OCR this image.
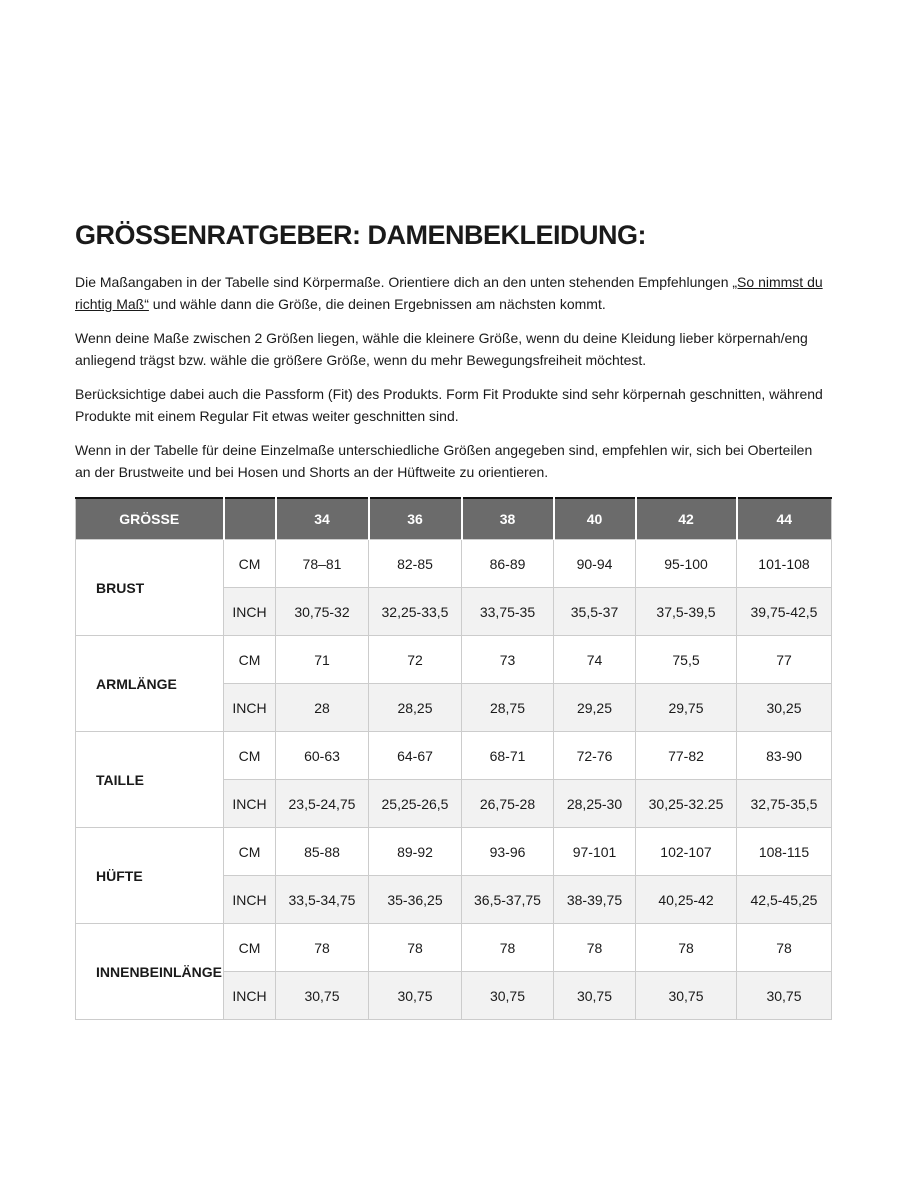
GRÖSSENRATGEBER: DAMENBEKLEIDUNG:

Die Maßangaben in der Tabelle sind Körpermaße. Orientiere dich an den unten stehenden Empfehlungen „So nimmst du richtig Maß“ und wähle dann die Größe, die deinen Ergebnissen am nächsten kommt.

Wenn deine Maße zwischen 2 Größen liegen, wähle die kleinere Größe, wenn du deine Kleidung lieber körpernah/eng anliegend trägst bzw. wähle die größere Größe, wenn du mehr Bewegungsfreiheit möchtest.

Berücksichtige dabei auch die Passform (Fit) des Produkts. Form Fit Produkte sind sehr körpernah geschnitten, während Produkte mit einem Regular Fit etwas weiter geschnitten sind.

Wenn in der Tabelle für deine Einzelmaße unterschiedliche Größen angegeben sind, empfehlen wir, sich bei Oberteilen an der Brustweite und bei Hosen und Shorts an der Hüftweite zu orientieren.

GRÖSSE		34	36	38	40	42	44
BRUST	CM	78–81	82-85	86-89	90-94	95-100	101-108
	INCH	30,75-32	32,25-33,5	33,75-35	35,5-37	37,5-39,5	39,75-42,5
ARMLÄNGE	CM	71	72	73	74	75,5	77
	INCH	28	28,25	28,75	29,25	29,75	30,25
TAILLE	CM	60-63	64-67	68-71	72-76	77-82	83-90
	INCH	23,5-24,75	25,25-26,5	26,75-28	28,25-30	30,25-32.25	32,75-35,5
HÜFTE	CM	85-88	89-92	93-96	97-101	102-107	108-115
	INCH	33,5-34,75	35-36,25	36,5-37,75	38-39,75	40,25-42	42,5-45,25
INNENBEINLÄNGE	CM	78	78	78	78	78	78
	INCH	30,75	30,75	30,75	30,75	30,75	30,75
